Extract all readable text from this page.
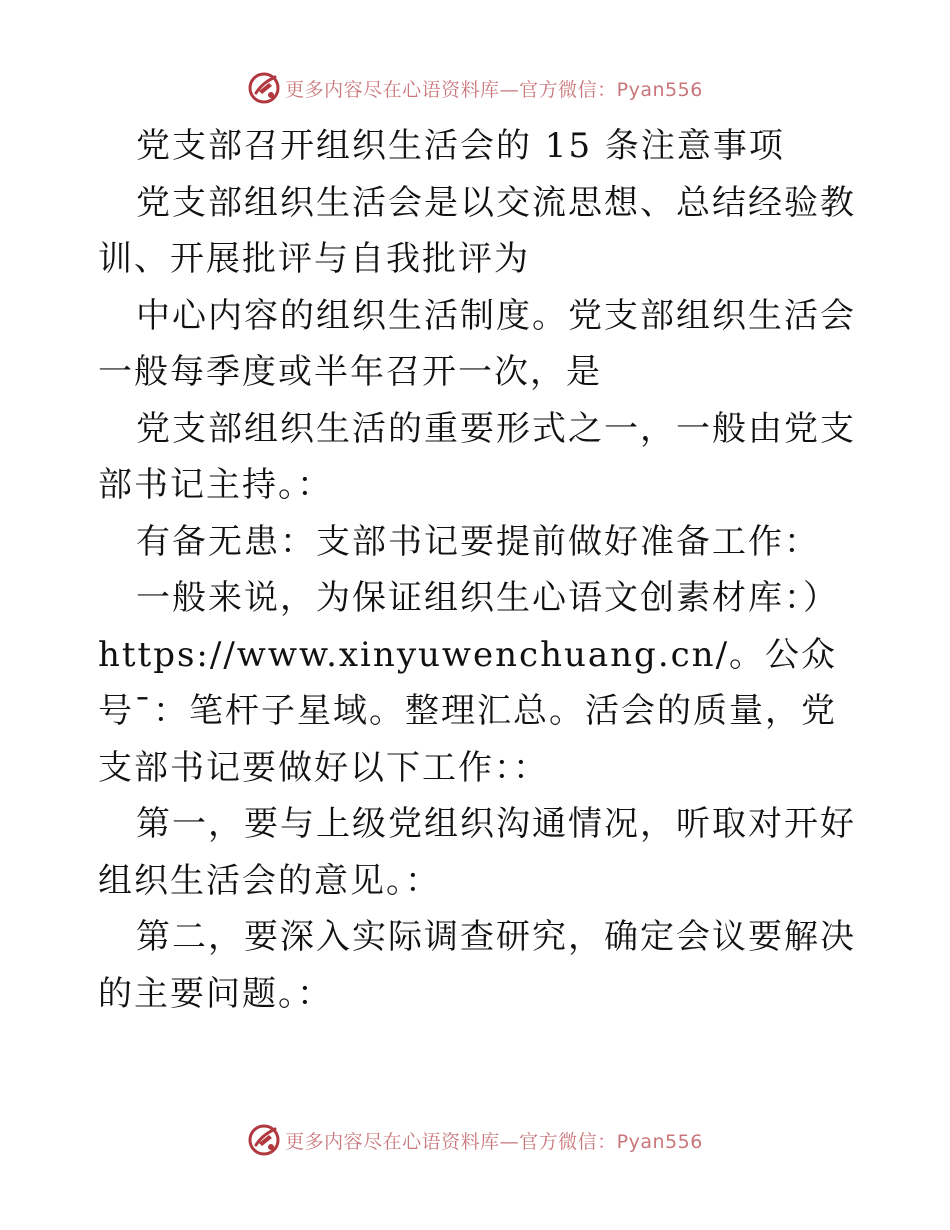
更多内容尽在心语资料库—官方微信：Pyan556

党支部召开组织生活会的 15 条注意事项

党支部组织生活会是以交流思想、总结经验教训、开展批评与自我批评为

中心内容的组织生活制度。党支部组织生活会一般每季度或半年召开一次，是

党支部组织生活的重要形式之一，一般由党支部书记主持。：

有备无患：支部书记要提前做好准备工作：

一般来说，为保证组织生心语文创素材库：）https://www.xinyuwenchuang.cn/。公众号¯：笔杆子星域。整理汇总。活会的质量，党支部书记要做好以下工作：：

第一，要与上级党组织沟通情况，听取对开好组织生活会的意见。：

第二，要深入实际调查研究，确定会议要解决的主要问题。：

更多内容尽在心语资料库—官方微信：Pyan556
